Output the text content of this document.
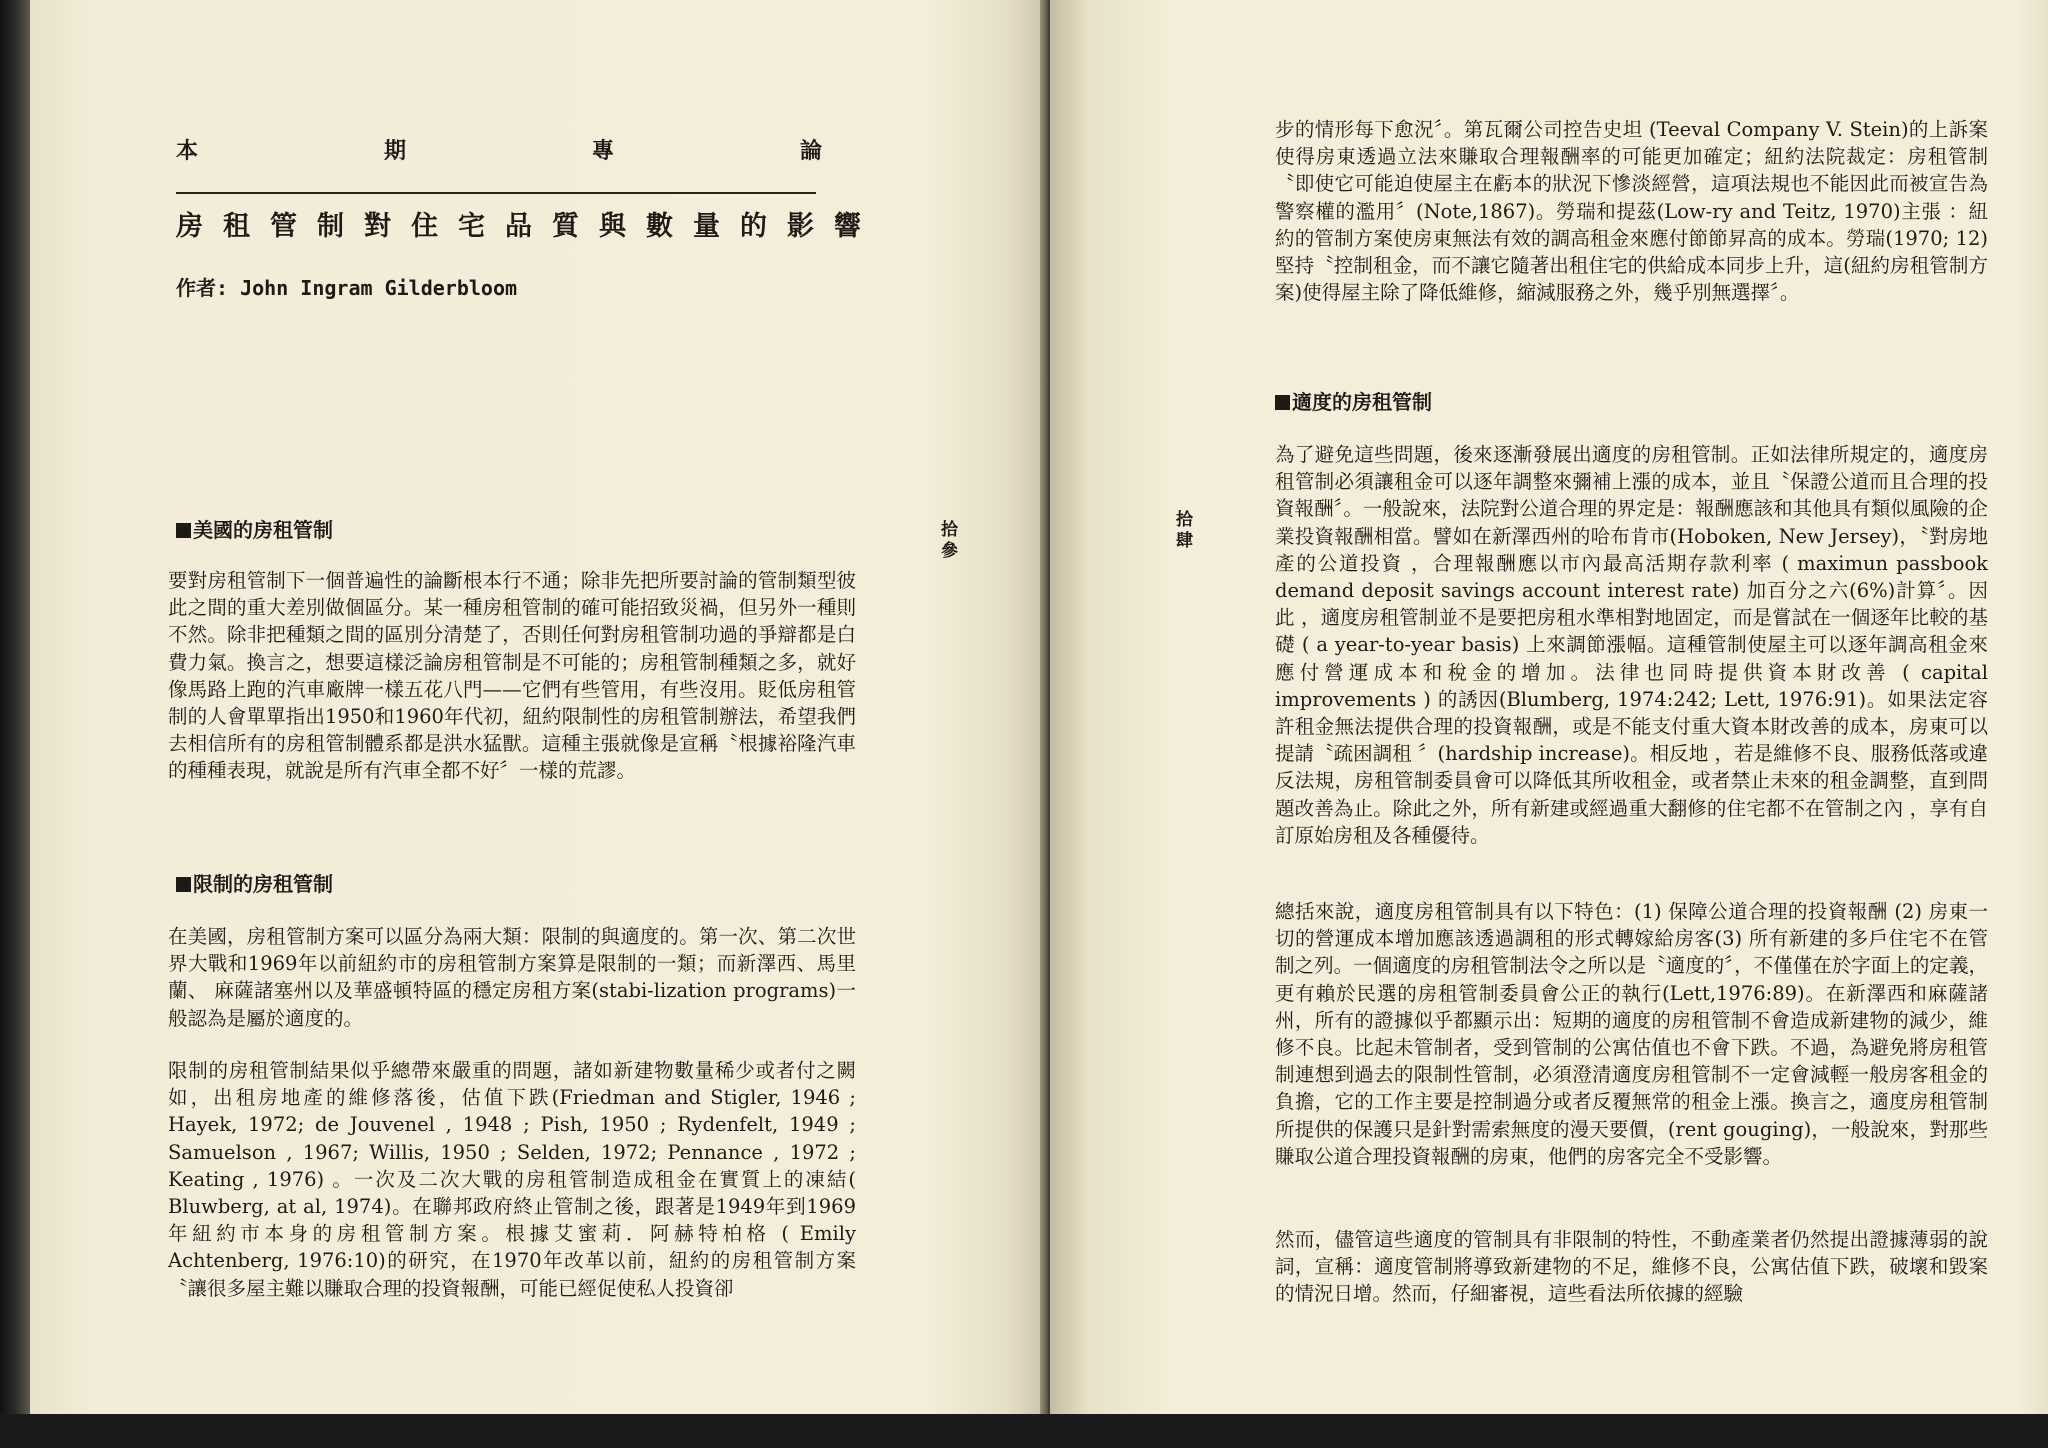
本	期	專	論
房租管制對住宅品質與數量的影響
作者: John Ingram Gilderbloom
美國的房租管制
要對房租管制下一個普遍性的論斷根本行不通；除非先把所要討論的管制類型彼此之間的重大差別做個區分。某一種房租管制的確可能招致災禍，但另外一種則不然。除非把種類之間的區別分清楚了，否則任何對房租管制功過的爭辯都是白費力氣。換言之，想要這樣泛論房租管制是不可能的；房租管制種類之多，就好像馬路上跑的汽車廠牌一樣五花八門——它們有些管用，有些沒用。貶低房租管制的人會單單指出1950和1960年代初，紐約限制性的房租管制辦法，希望我們去相信所有的房租管制體系都是洪水猛獸。這種主張就像是宣稱〝根據裕隆汽車的種種表現，就說是所有汽車全都不好〞一樣的荒謬。
限制的房租管制
在美國，房租管制方案可以區分為兩大類：限制的與適度的。第一次、第二次世界大戰和1969年以前紐約市的房租管制方案算是限制的一類；而新澤西、馬里蘭、 麻薩諸塞州以及華盛頓特區的穩定房租方案(stabi-lization programs)一般認為是屬於適度的。
限制的房租管制結果似乎總帶來嚴重的問題，諸如新建物數量稀少或者付之闕如，出租房地產的維修落後，估值下跌(Friedman and Stigler, 1946 ; Hayek, 1972; de Jouvenel , 1948 ; Pish, 1950 ; Rydenfelt, 1949 ; Samuelson , 1967; Willis, 1950 ; Selden, 1972; Pennance , 1972 ; Keating , 1976) 。一次及二次大戰的房租管制造成租金在實質上的凍結( Bluwberg, at al, 1974)。在聯邦政府終止管制之後，跟著是1949年到1969年紐約市本身的房租管制方案。根據艾蜜莉．阿赫特柏格 ( Emily Achtenberg, 1976:10)的研究，在1970年改革以前，紐約的房租管制方案〝讓很多屋主難以賺取合理的投資報酬，可能已經促使私人投資卻
拾參	拾肆
步的情形每下愈況〞。第瓦爾公司控告史坦 (Teeval Company V. Stein)的上訴案使得房東透過立法來賺取合理報酬率的可能更加確定；紐約法院裁定：房租管制〝即使它可能迫使屋主在虧本的狀況下慘淡經營，這項法規也不能因此而被宣告為警察權的濫用〞(Note,1867)。勞瑞和提茲(Low-ry and Teitz, 1970)主張 ：紐約的管制方案使房東無法有效的調高租金來應付節節昇高的成本。勞瑞(1970; 12)堅持〝控制租金，而不讓它隨著出租住宅的供給成本同步上升，這(紐約房租管制方案)使得屋主除了降低維修，縮減服務之外，幾乎別無選擇〞。
適度的房租管制
為了避免這些問題，後來逐漸發展出適度的房租管制。正如法律所規定的，適度房租管制必須讓租金可以逐年調整來彌補上漲的成本，並且〝保證公道而且合理的投資報酬〞。一般說來，法院對公道合理的界定是：報酬應該和其他具有類似風險的企業投資報酬相當。譬如在新澤西州的哈布肯市(Hoboken, New Jersey)，〝對房地產的公道投資 ，合理報酬應以市內最高活期存款利率 ( maximun passbook demand deposit savings account interest rate) 加百分之六(6%)計算〞。因此 ，適度房租管制並不是要把房租水準相對地固定，而是嘗試在一個逐年比較的基礎 ( a year-to-year basis) 上來調節漲幅。這種管制使屋主可以逐年調高租金來應付營運成本和稅金的增加。法律也同時提供資本財改善 ( capital improvements ) 的誘因(Blumberg, 1974:242; Lett, 1976:91)。如果法定容許租金無法提供合理的投資報酬，或是不能支付重大資本財改善的成本，房東可以提請〝疏困調租 〞(hardship increase)。相反地 ，若是維修不良、服務低落或違反法規，房租管制委員會可以降低其所收租金，或者禁止未來的租金調整，直到問題改善為止。除此之外，所有新建或經過重大翻修的住宅都不在管制之內 ，享有自訂原始房租及各種優待。
總括來說，適度房租管制具有以下特色：(1) 保障公道合理的投資報酬 (2) 房東一切的營運成本增加應該透過調租的形式轉嫁給房客(3) 所有新建的多戶住宅不在管制之列。一個適度的房租管制法令之所以是〝適度的〞，不僅僅在於字面上的定義，更有賴於民選的房租管制委員會公正的執行(Lett,1976:89)。在新澤西和麻薩諸州，所有的證據似乎都顯示出：短期的適度的房租管制不會造成新建物的減少，維修不良。比起未管制者，受到管制的公寓估值也不會下跌。不過，為避免將房租管制連想到過去的限制性管制，必須澄清適度房租管制不一定會減輕一般房客租金的負擔，它的工作主要是控制過分或者反覆無常的租金上漲。換言之，適度房租管制所提供的保護只是針對需索無度的漫天要價，(rent gouging)，一般說來，對那些賺取公道合理投資報酬的房東，他們的房客完全不受影響。
然而，儘管這些適度的管制具有非限制的特性，不動產業者仍然提出證據薄弱的說詞，宣稱：適度管制將導致新建物的不足，維修不良，公寓估值下跌，破壞和毀案的情況日增。然而，仔細審視，這些看法所依據的經驗
